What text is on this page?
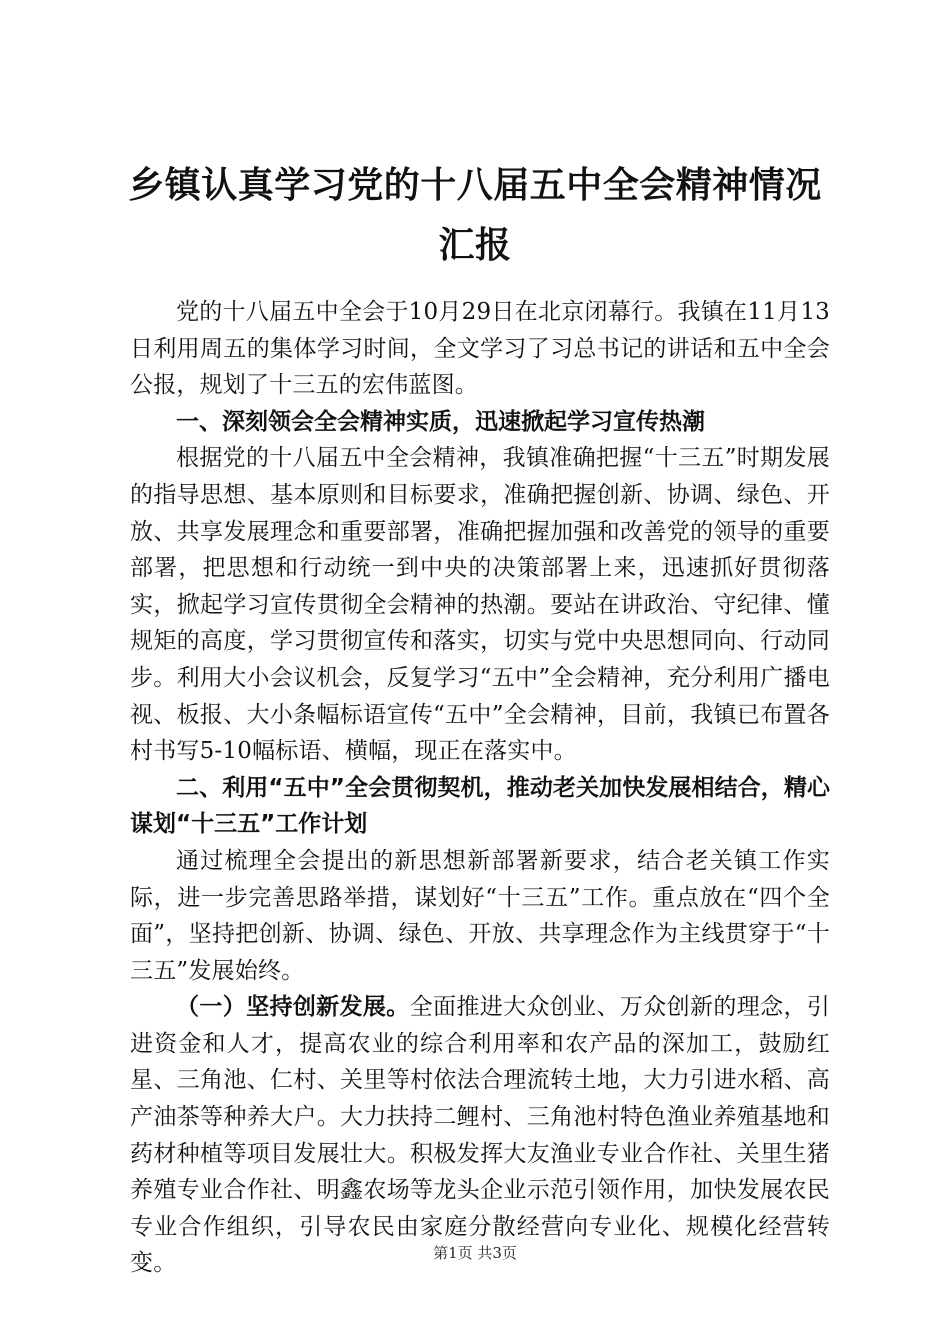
乡镇认真学习党的十八届五中全会精神情况汇报

党的十八届五中全会于10月29日在北京闭幕行。我镇在11月13日利用周五的集体学习时间，全文学习了习总书记的讲话和五中全会公报，规划了十三五的宏伟蓝图。

一、深刻领会全会精神实质，迅速掀起学习宣传热潮

根据党的十八届五中全会精神，我镇准确把握“十三五”时期发展的指导思想、基本原则和目标要求，准确把握创新、协调、绿色、开放、共享发展理念和重要部署，准确把握加强和改善党的领导的重要部署，把思想和行动统一到中央的决策部署上来，迅速抓好贯彻落实，掀起学习宣传贯彻全会精神的热潮。要站在讲政治、守纪律、懂规矩的高度，学习贯彻宣传和落实，切实与党中央思想同向、行动同步。利用大小会议机会，反复学习“五中”全会精神，充分利用广播电视、板报、大小条幅标语宣传“五中”全会精神，目前，我镇已布置各村书写5-10幅标语、横幅，现正在落实中。

二、利用“五中”全会贯彻契机，推动老关加快发展相结合，精心谋划“十三五”工作计划

通过梳理全会提出的新思想新部署新要求，结合老关镇工作实际，进一步完善思路举措，谋划好“十三五”工作。重点放在“四个全面”，坚持把创新、协调、绿色、开放、共享理念作为主线贯穿于“十三五”发展始终。

（一）坚持创新发展。全面推进大众创业、万众创新的理念，引进资金和人才，提高农业的综合利用率和农产品的深加工，鼓励红星、三角池、仁村、关里等村依法合理流转土地，大力引进水稻、高产油茶等种养大户。大力扶持二鲤村、三角池村特色渔业养殖基地和药材种植等项目发展壮大。积极发挥大友渔业专业合作社、关里生猪养殖专业合作社、明鑫农场等龙头企业示范引领作用，加快发展农民专业合作组织，引导农民由家庭分散经营向专业化、规模化经营转变。	第1页 共3页
